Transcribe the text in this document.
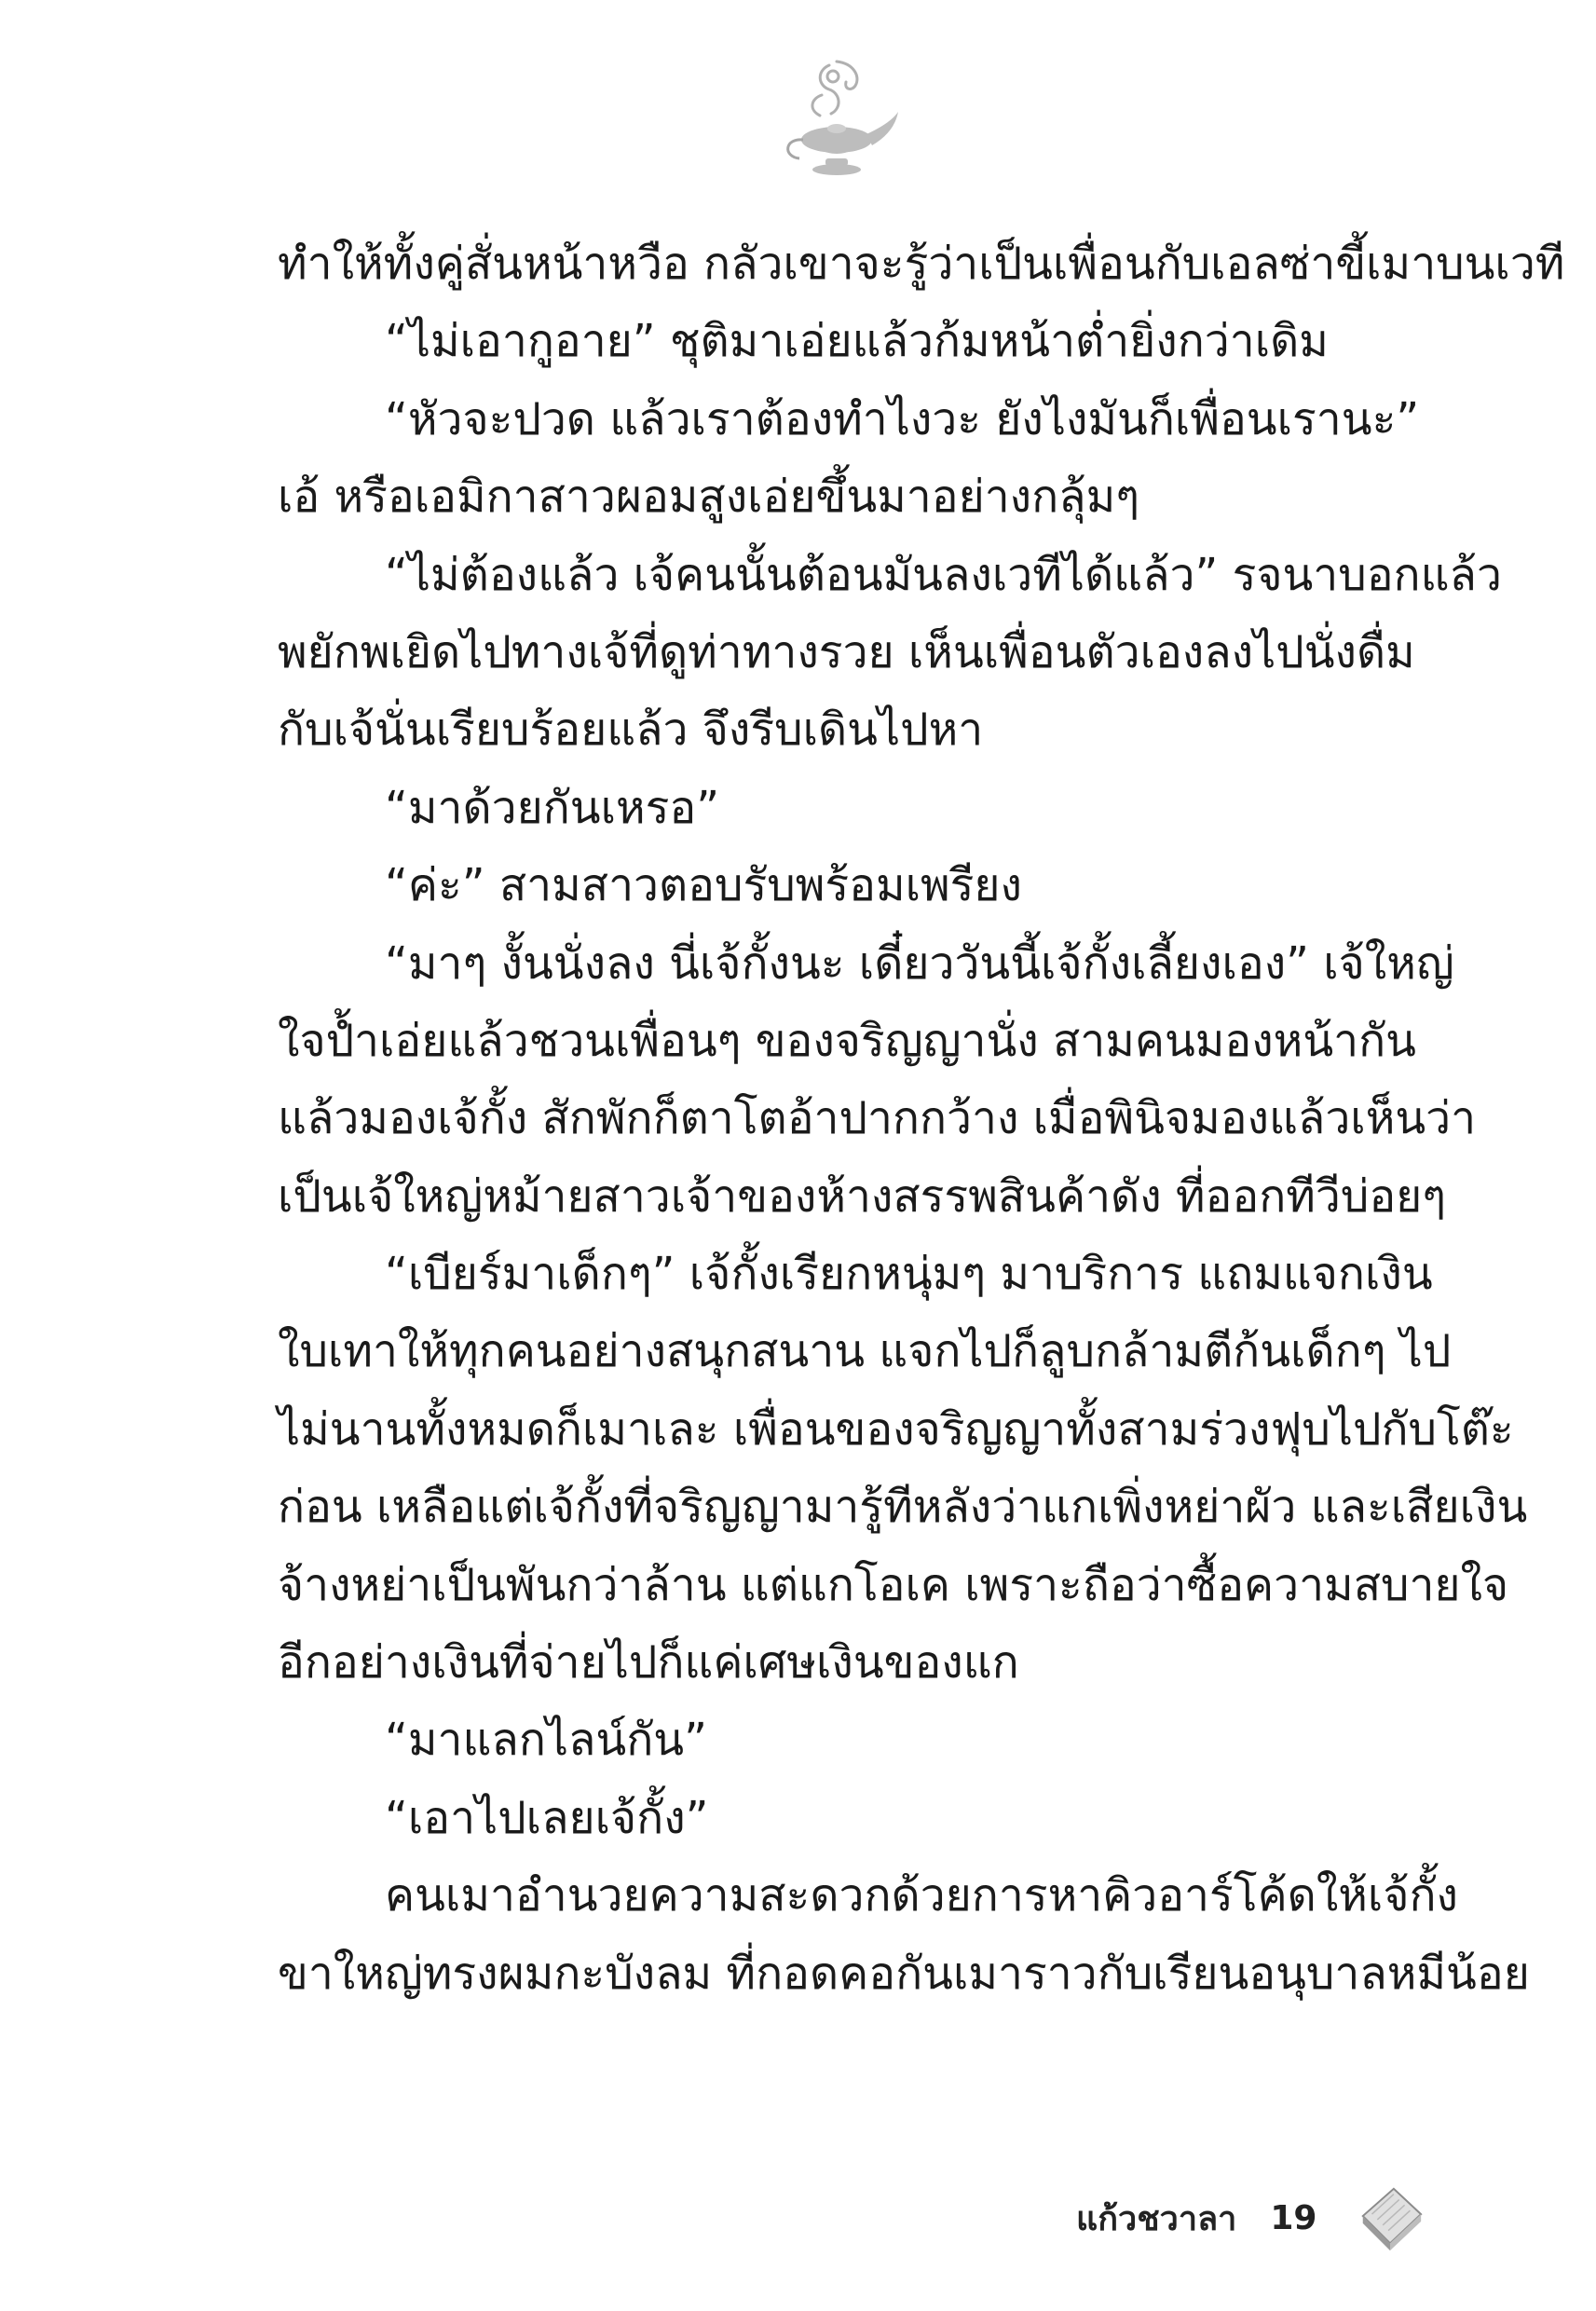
ทำให้ทั้งคู่สั่นหน้าหวือ กลัวเขาจะรู้ว่าเป็นเพื่อนกับเอลซ่าขี้เมาบนเวที
“ไม่เอากูอาย” ชุติมาเอ่ยแล้วก้มหน้าต่ำยิ่งกว่าเดิม
“หัวจะปวด แล้วเราต้องทำไงวะ ยังไงมันก็เพื่อนเรานะ”
เอ้ หรือเอมิกาสาวผอมสูงเอ่ยขึ้นมาอย่างกลุ้มๆ
“ไม่ต้องแล้ว เจ้คนนั้นต้อนมันลงเวทีได้แล้ว” รจนาบอกแล้ว
พยักพเยิดไปทางเจ้ที่ดูท่าทางรวย เห็นเพื่อนตัวเองลงไปนั่งดื่ม
กับเจ้นั่นเรียบร้อยแล้ว จึงรีบเดินไปหา
“มาด้วยกันเหรอ”
“ค่ะ” สามสาวตอบรับพร้อมเพรียง
“มาๆ งั้นนั่งลง นี่เจ้กั้งนะ เดี๋ยววันนี้เจ้กั้งเลี้ยงเอง” เจ้ใหญ่
ใจป้ำเอ่ยแล้วชวนเพื่อนๆ ของจริญญานั่ง สามคนมองหน้ากัน
แล้วมองเจ้กั้ง สักพักก็ตาโตอ้าปากกว้าง เมื่อพินิจมองแล้วเห็นว่า
เป็นเจ้ใหญ่หม้ายสาวเจ้าของห้างสรรพสินค้าดัง ที่ออกทีวีบ่อยๆ
“เบียร์มาเด็กๆ” เจ้กั้งเรียกหนุ่มๆ มาบริการ แถมแจกเงิน
ใบเทาให้ทุกคนอย่างสนุกสนาน แจกไปก็ลูบกล้ามตีก้นเด็กๆ ไป
ไม่นานทั้งหมดก็เมาเละ เพื่อนของจริญญาทั้งสามร่วงฟุบไปกับโต๊ะ
ก่อน เหลือแต่เจ้กั้งที่จริญญามารู้ทีหลังว่าแกเพิ่งหย่าผัว และเสียเงิน
จ้างหย่าเป็นพันกว่าล้าน แต่แกโอเค เพราะถือว่าซื้อความสบายใจ
อีกอย่างเงินที่จ่ายไปก็แค่เศษเงินของแก
“มาแลกไลน์กัน”
“เอาไปเลยเจ้กั้ง”
คนเมาอำนวยความสะดวกด้วยการหาคิวอาร์โค้ดให้เจ้กั้ง
ขาใหญ่ทรงผมกะบังลม ที่กอดคอกันเมาราวกับเรียนอนุบาลหมีน้อย
แก้วชวาลา 19
